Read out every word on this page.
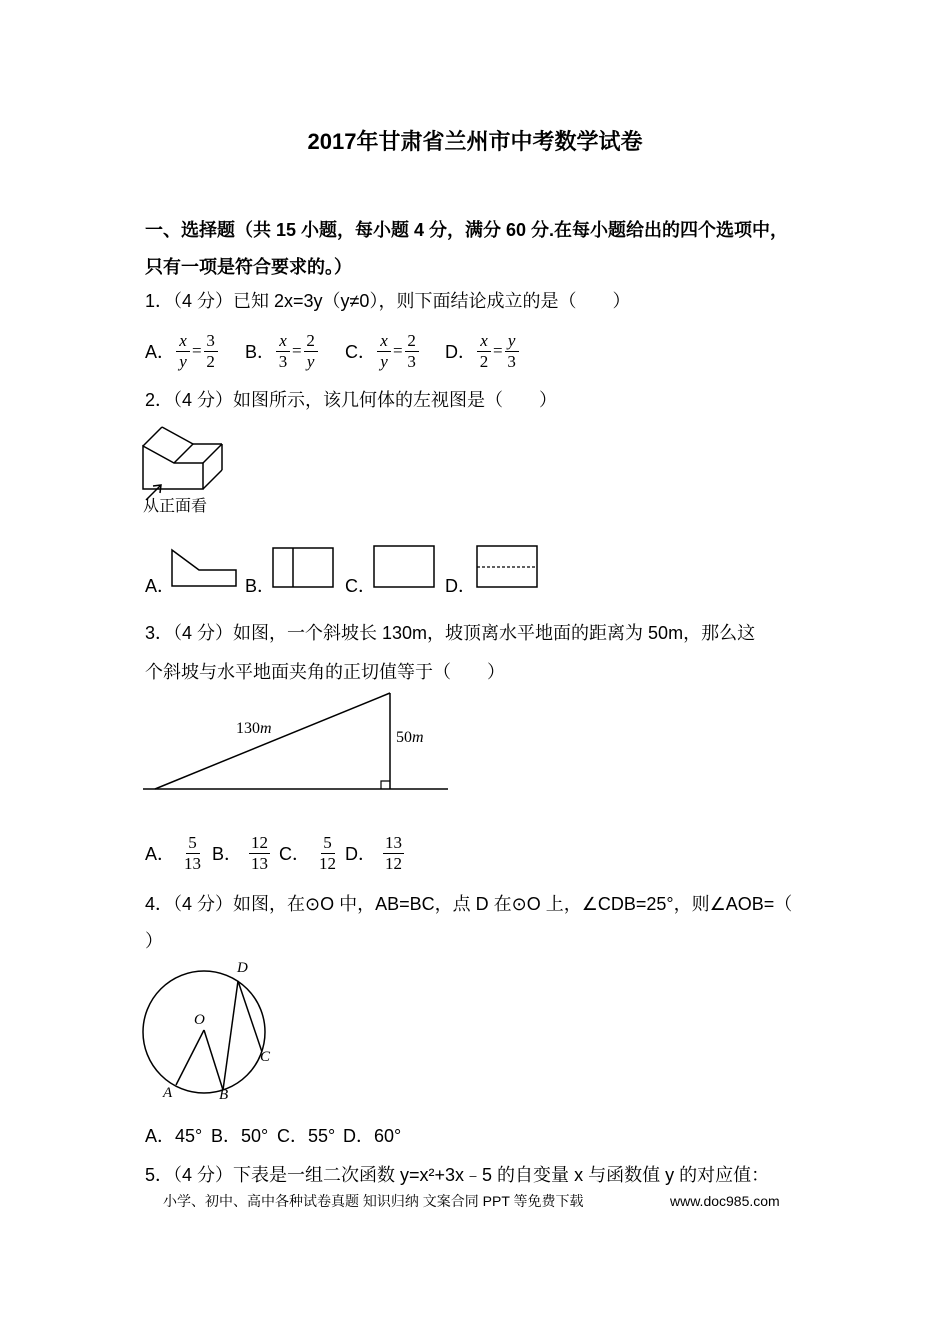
2017年甘肃省兰州市中考数学试卷
一、选择题（共 15 小题，每小题 4 分，满分 60 分.在每小题给出的四个选项中，
只有一项是符合要求的。）
1．（4 分）已知 2x=3y（y≠0），则下面结论成立的是（　　）
A． $\frac{x}{y} = \frac{3}{2}$ B． $\frac{x}{3} = \frac{2}{y}$ C． $\frac{x}{y} = \frac{2}{3}$ D． $\frac{x}{2} = \frac{y}{3}$
2．（4 分）如图所示，该几何体的左视图是（　　）
从正面看
A．	B．	C．	D．
3．（4 分）如图，一个斜坡长 130m，坡顶离水平地面的距离为 50m，那么这
个斜坡与水平地面夹角的正切值等于（　　）
130m
50m
A． $\frac{5}{13}$ B． $\frac{12}{13}$ C． $\frac{5}{12}$ D． $\frac{13}{12}$
4．（4 分）如图，在⊙O 中，AB=BC，点 D 在⊙O 上，∠CDB=25°，则∠AOB=（
）
D
O
C
A	B
A．45° B．50° C．55° D．60°
5．（4 分）下表是一组二次函数 y=x²+3x﹣5 的自变量 x 与函数值 y 的对应值：
小学、初中、高中各种试卷真题 知识归纳 文案合同 PPT 等免费下载	www.doc985.com
